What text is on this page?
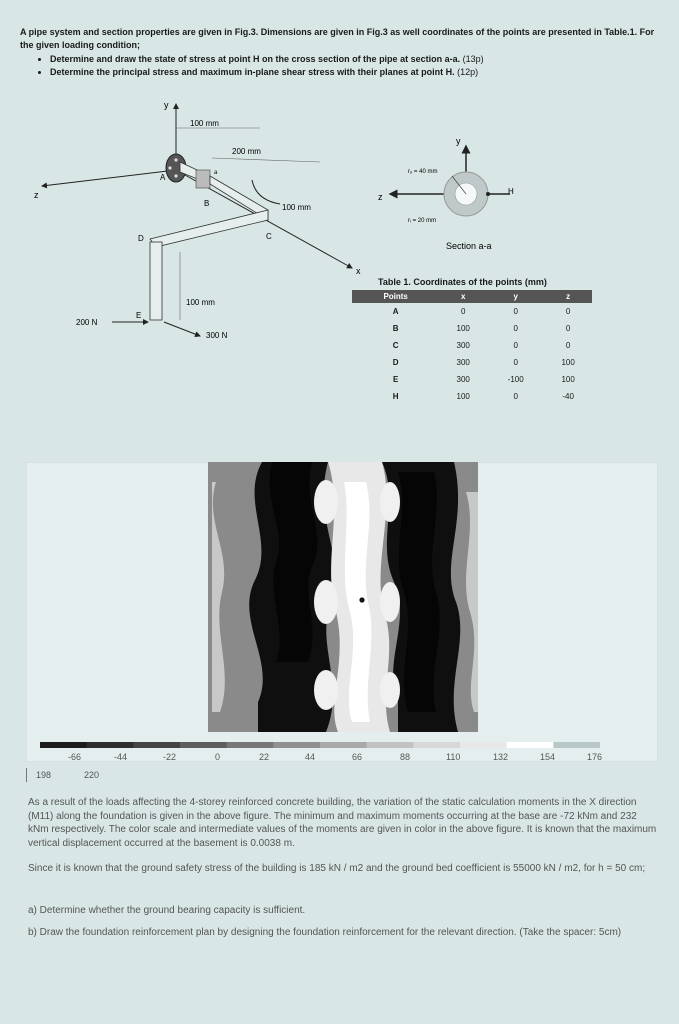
A pipe system and section properties are given in Fig.3. Dimensions are given in Fig.3 as well coordinates of the points are presented in Table.1. For the given loading condition;
• Determine and draw the state of stress at point H on the cross section of the pipe at section a-a. (13p)
• Determine the principal stress and maximum in-plane shear stress with their planes at point H. (12p)
y
z
x
100 mm
200 mm
100 mm
A
B
a
C
D
E
200 N
300 N
100 mm
y
z
H
rₒ = 40 mm
rᵢ = 20 mm
Section a-a
Table 1. Coordinates of the points (mm)
Points	x	y	z
A	0	0	0
B	100	0	0
C	300	0	0
D	300	0	100
E	300	-100	100
H	100	0	-40
-66	-44	-22	0	22	44	66	88	110	132	154	176
198	220
As a result of the loads affecting the 4-storey reinforced concrete building, the variation of the static calculation moments in the X direction (M11) along the foundation is given in the above figure. The minimum and maximum moments occurring at the base are -72 kNm and 232 kNm respectively. The color scale and intermediate values of the moments are given in color in the above figure. It is known that the maximum vertical displacement occurred at the basement is 0.0038 m.
Since it is known that the ground safety stress of the building is 185 kN / m2 and the ground bed coefficient is 55000 kN / m2, for h = 50 cm;
a) Determine whether the ground bearing capacity is sufficient.
b) Draw the foundation reinforcement plan by designing the foundation reinforcement for the relevant direction. (Take the spacer: 5cm)
